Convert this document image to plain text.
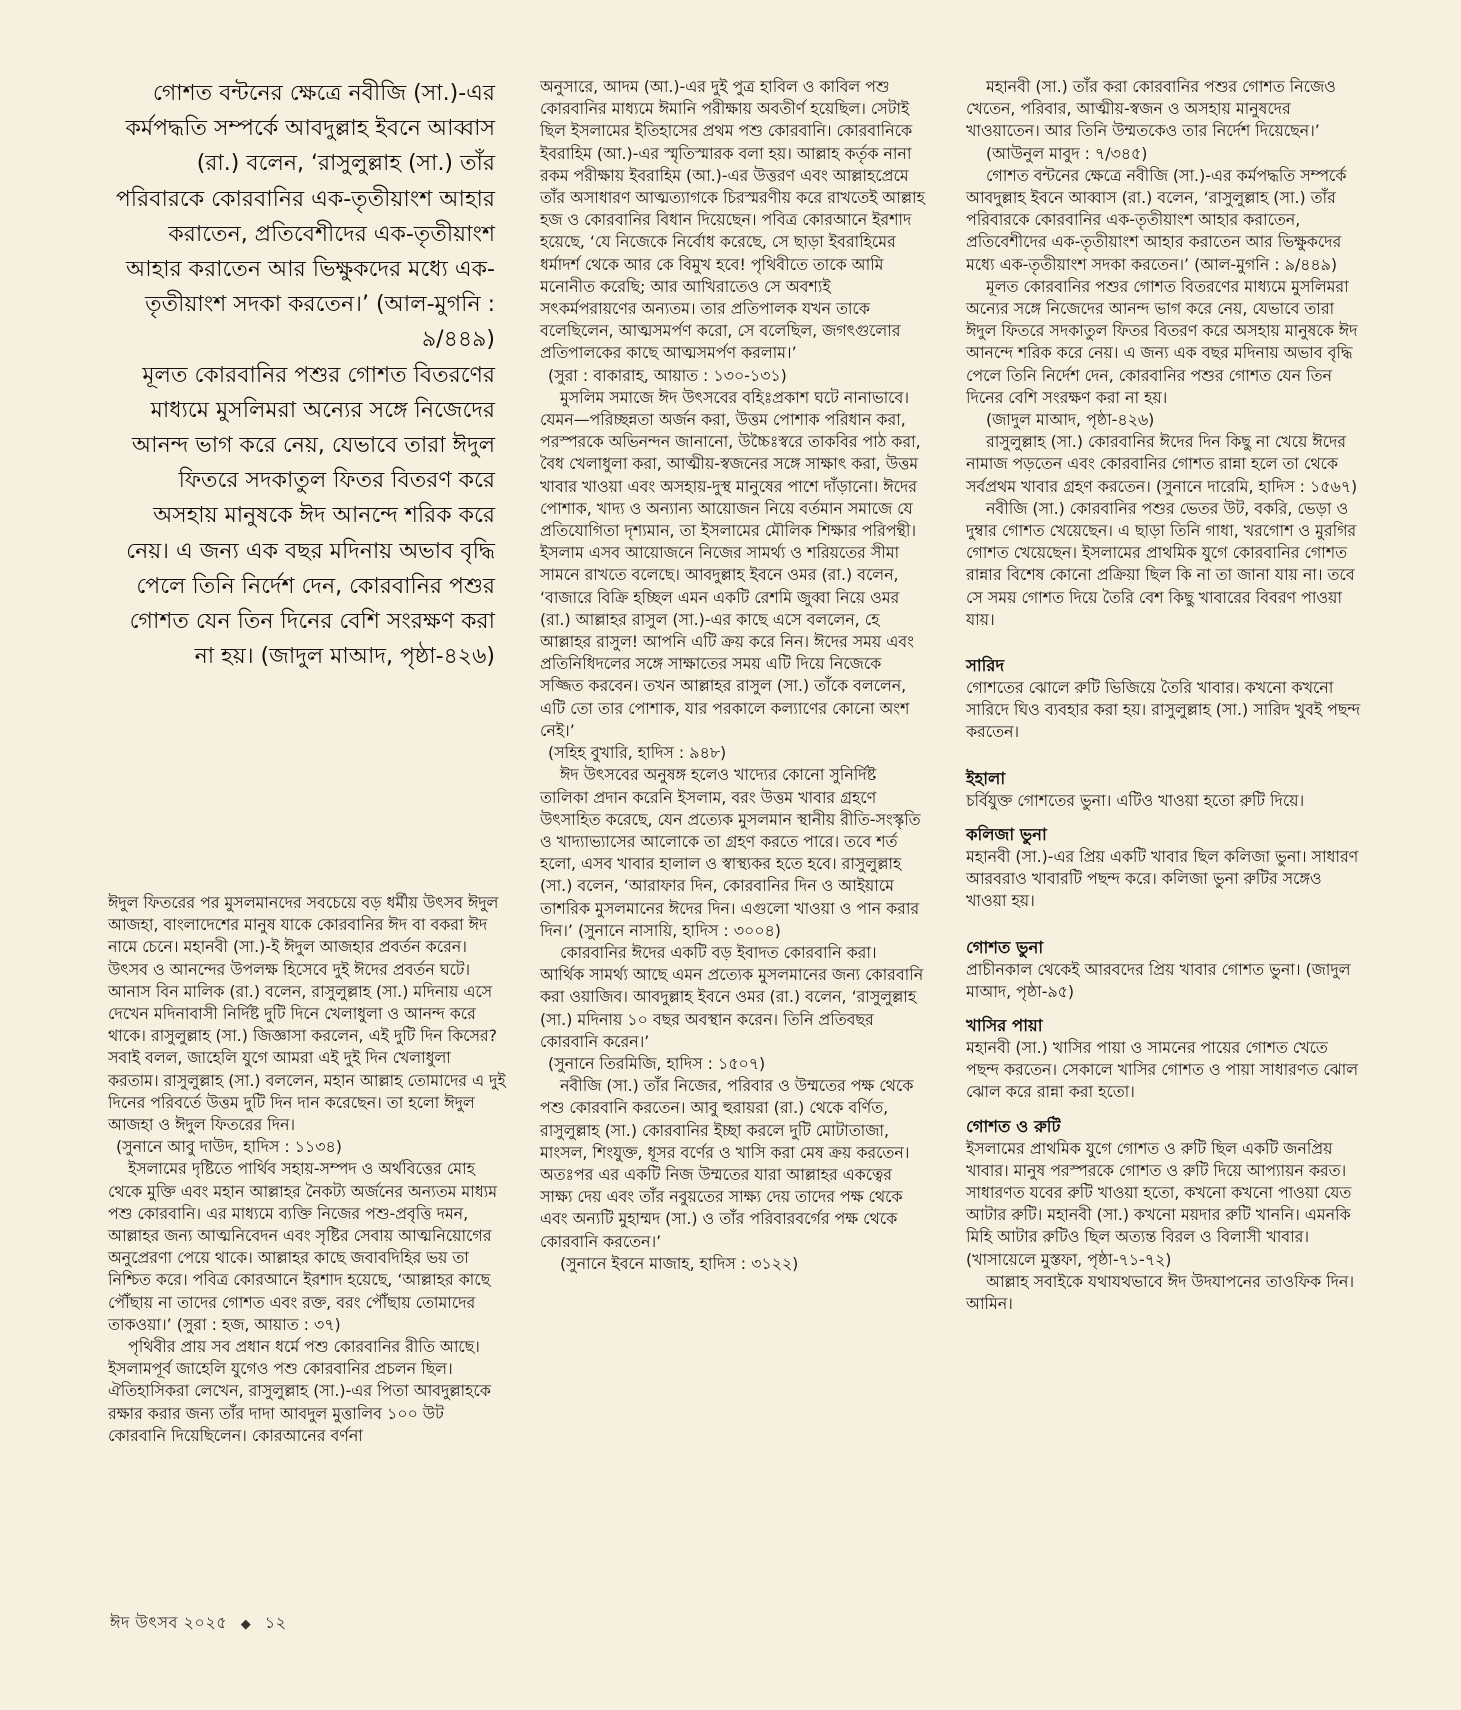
গোশত বন্টনের ক্ষেত্রে নবীজি (সা.)-এর কর্মপদ্ধতি সম্পর্কে আবদুল্লাহ ইবনে আব্বাস (রা.) বলেন, ‘রাসুলুল্লাহ (সা.) তাঁর পরিবারকে কোরবানির এক-তৃতীয়াংশ আহার করাতেন, প্রতিবেশীদের এক-তৃতীয়াংশ আহার করাতেন আর ভিক্ষুকদের মধ্যে এক-তৃতীয়াংশ সদকা করতেন।’ (আল-মুগনি : ৯/৪৪৯)

মূলত কোরবানির পশুর গোশত বিতরণের মাধ্যমে মুসলিমরা অন্যের সঙ্গে নিজেদের আনন্দ ভাগ করে নেয়, যেভাবে তারা ঈদুল ফিতরে সদকাতুল ফিতর বিতরণ করে অসহায় মানুষকে ঈদ আনন্দে শরিক করে নেয়। এ জন্য এক বছর মদিনায় অভাব বৃদ্ধি পেলে তিনি নির্দেশ দেন, কোরবানির পশুর গোশত যেন তিন দিনের বেশি সংরক্ষণ করা না হয়। (জাদুল মাআদ, পৃষ্ঠা-৪২৬)

ঈদুল ফিতরের পর মুসলমানদের সবচেয়ে বড় ধর্মীয় উৎসব ঈদুল আজহা, বাংলাদেশের মানুষ যাকে কোরবানির ঈদ বা বকরা ঈদ নামে চেনে। মহানবী (সা.)-ই ঈদুল আজহার প্রবর্তন করেন। উৎসব ও আনন্দের উপলক্ষ হিসেবে দুই ঈদের প্রবর্তন ঘটে। আনাস বিন মালিক (রা.) বলেন, রাসুলুল্লাহ (সা.) মদিনায় এসে দেখেন মদিনাবাসী নির্দিষ্ট দুটি দিনে খেলাধুলা ও আনন্দ করে থাকে। রাসুলুল্লাহ (সা.) জিজ্ঞাসা করলেন, এই দুটি দিন কিসের? সবাই বলল, জাহেলি যুগে আমরা এই দুই দিন খেলাধুলা করতাম। রাসুলুল্লাহ (সা.) বললেন, মহান আল্লাহ তোমাদের এ দুই দিনের পরিবর্তে উত্তম দুটি দিন দান করেছেন। তা হলো ঈদুল আজহা ও ঈদুল ফিতরের দিন।

(সুনানে আবু দাউদ, হাদিস : ১১৩৪)

ইসলামের দৃষ্টিতে পার্থিব সহায়-সম্পদ ও অর্থবিত্তের মোহ থেকে মুক্তি এবং মহান আল্লাহর নৈকট্য অর্জনের অন্যতম মাধ্যম পশু কোরবানি। এর মাধ্যমে ব্যক্তি নিজের পশু-প্রবৃত্তি দমন, আল্লাহর জন্য আত্মনিবেদন এবং সৃষ্টির সেবায় আত্মনিয়োগের অনুপ্রেরণা পেয়ে থাকে। আল্লাহর কাছে জবাবদিহির ভয় তা নিশ্চিত করে। পবিত্র কোরআনে ইরশাদ হয়েছে, ‘আল্লাহর কাছে পৌঁছায় না তাদের গোশত এবং রক্ত, বরং পৌঁছায় তোমাদের তাকওয়া।’ (সুরা : হজ, আয়াত : ৩৭)

পৃথিবীর প্রায় সব প্রধান ধর্মে পশু কোরবানির রীতি আছে। ইসলামপূর্ব জাহেলি যুগেও পশু কোরবানির প্রচলন ছিল। ঐতিহাসিকরা লেখেন, রাসুলুল্লাহ (সা.)-এর পিতা আবদুল্লাহকে রক্ষার করার জন্য তাঁর দাদা আবদুল মুত্তালিব ১০০ উট কোরবানি দিয়েছিলেন। কোরআনের বর্ণনা

অনুসারে, আদম (আ.)-এর দুই পুত্র হাবিল ও কাবিল পশু কোরবানির মাধ্যমে ঈমানি পরীক্ষায় অবতীর্ণ হয়েছিল। সেটাই ছিল ইসলামের ইতিহাসের প্রথম পশু কোরবানি। কোরবানিকে ইবরাহিম (আ.)-এর স্মৃতিস্মারক বলা হয়। আল্লাহ কর্তৃক নানা রকম পরীক্ষায় ইবরাহিম (আ.)-এর উত্তরণ এবং আল্লাহপ্রেমে তাঁর অসাধারণ আত্মত্যাগকে চিরস্মরণীয় করে রাখতেই আল্লাহ হজ ও কোরবানির বিধান দিয়েছেন। পবিত্র কোরআনে ইরশাদ হয়েছে, ‘যে নিজেকে নির্বোধ করেছে, সে ছাড়া ইবরাহিমের ধর্মাদর্শ থেকে আর কে বিমুখ হবে! পৃথিবীতে তাকে আমি মনোনীত করেছি; আর আখিরাতেও সে অবশ্যই সৎকর্মপরায়ণের অন্যতম। তার প্রতিপালক যখন তাকে বলেছিলেন, আত্মসমর্পণ করো, সে বলেছিল, জগৎগুলোর প্রতিপালকের কাছে আত্মসমর্পণ করলাম।’

(সুরা : বাকারাহ, আয়াত : ১৩০-১৩১)

মুসলিম সমাজে ঈদ উৎসবের বহিঃপ্রকাশ ঘটে নানাভাবে। যেমন—পরিচ্ছন্নতা অর্জন করা, উত্তম পোশাক পরিধান করা, পরস্পরকে অভিনন্দন জানানো, উচ্চৈঃস্বরে তাকবির পাঠ করা, বৈধ খেলাধুলা করা, আত্মীয়-স্বজনের সঙ্গে সাক্ষাৎ করা, উত্তম খাবার খাওয়া এবং অসহায়-দুস্থ মানুষের পাশে দাঁড়ানো। ঈদের পোশাক, খাদ্য ও অন্যান্য আয়োজন নিয়ে বর্তমান সমাজে যে প্রতিযোগিতা দৃশ্যমান, তা ইসলামের মৌলিক শিক্ষার পরিপন্থী। ইসলাম এসব আয়োজনে নিজের সামর্থ্য ও শরিয়তের সীমা সামনে রাখতে বলেছে। আবদুল্লাহ ইবনে ওমর (রা.) বলেন, ‘বাজারে বিক্রি হচ্ছিল এমন একটি রেশমি জুব্বা নিয়ে ওমর (রা.) আল্লাহর রাসুল (সা.)-এর কাছে এসে বললেন, হে আল্লাহর রাসুল! আপনি এটি ক্রয় করে নিন। ঈদের সময় এবং প্রতিনিধিদলের সঙ্গে সাক্ষাতের সময় এটি দিয়ে নিজেকে সজ্জিত করবেন। তখন আল্লাহর রাসুল (সা.) তাঁকে বললেন, এটি তো তার পোশাক, যার পরকালে কল্যাণের কোনো অংশ নেই।’

(সহিহ বুখারি, হাদিস : ৯৪৮)

ঈদ উৎসবের অনুষঙ্গ হলেও খাদ্যের কোনো সুনির্দিষ্ট তালিকা প্রদান করেনি ইসলাম, বরং উত্তম খাবার গ্রহণে উৎসাহিত করেছে, যেন প্রত্যেক মুসলমান স্থানীয় রীতি-সংস্কৃতি ও খাদ্যাভ্যাসের আলোকে তা গ্রহণ করতে পারে। তবে শর্ত হলো, এসব খাবার হালাল ও স্বাস্থ্যকর হতে হবে। রাসুলুল্লাহ (সা.) বলেন, ‘আরাফার দিন, কোরবানির দিন ও আইয়ামে তাশরিক মুসলমানের ঈদের দিন। এগুলো খাওয়া ও পান করার দিন।’ (সুনানে নাসায়ি, হাদিস : ৩০০৪)

কোরবানির ঈদের একটি বড় ইবাদত কোরবানি করা। আর্থিক সামর্থ্য আছে এমন প্রত্যেক মুসলমানের জন্য কোরবানি করা ওয়াজিব। আবদুল্লাহ ইবনে ওমর (রা.) বলেন, ‘রাসুলুল্লাহ (সা.) মদিনায় ১০ বছর অবস্থান করেন। তিনি প্রতিবছর কোরবানি করেন।’

(সুনানে তিরমিজি, হাদিস : ১৫০৭)

নবীজি (সা.) তাঁর নিজের, পরিবার ও উম্মতের পক্ষ থেকে পশু কোরবানি করতেন। আবু হুরায়রা (রা.) থেকে বর্ণিত, রাসুলুল্লাহ (সা.) কোরবানির ইচ্ছা করলে দুটি মোটাতাজা, মাংসল, শিংযুক্ত, ধূসর বর্ণের ও খাসি করা মেষ ক্রয় করতেন। অতঃপর এর একটি নিজ উম্মতের যারা আল্লাহর একত্বের সাক্ষ্য দেয় এবং তাঁর নবুয়তের সাক্ষ্য দেয় তাদের পক্ষ থেকে এবং অন্যটি মুহাম্মদ (সা.) ও তাঁর পরিবারবর্গের পক্ষ থেকে কোরবানি করতেন।’

(সুনানে ইবনে মাজাহ, হাদিস : ৩১২২)

মহানবী (সা.) তাঁর করা কোরবানির পশুর গোশত নিজেও খেতেন, পরিবার, আত্মীয়-স্বজন ও অসহায় মানুষদের খাওয়াতেন। আর তিনি উম্মতকেও তার নির্দেশ দিয়েছেন।’

(আউনুল মাবুদ : ৭/৩৪৫)

গোশত বন্টনের ক্ষেত্রে নবীজি (সা.)-এর কর্মপদ্ধতি সম্পর্কে আবদুল্লাহ ইবনে আব্বাস (রা.) বলেন, ‘রাসুলুল্লাহ (সা.) তাঁর পরিবারকে কোরবানির এক-তৃতীয়াংশ আহার করাতেন, প্রতিবেশীদের এক-তৃতীয়াংশ আহার করাতেন আর ভিক্ষুকদের মধ্যে এক-তৃতীয়াংশ সদকা করতেন।’ (আল-মুগনি : ৯/৪৪৯)

মূলত কোরবানির পশুর গোশত বিতরণের মাধ্যমে মুসলিমরা অন্যের সঙ্গে নিজেদের আনন্দ ভাগ করে নেয়, যেভাবে তারা ঈদুল ফিতরে সদকাতুল ফিতর বিতরণ করে অসহায় মানুষকে ঈদ আনন্দে শরিক করে নেয়। এ জন্য এক বছর মদিনায় অভাব বৃদ্ধি পেলে তিনি নির্দেশ দেন, কোরবানির পশুর গোশত যেন তিন দিনের বেশি সংরক্ষণ করা না হয়।

(জাদুল মাআদ, পৃষ্ঠা-৪২৬)

রাসুলুল্লাহ (সা.) কোরবানির ঈদের দিন কিছু না খেয়ে ঈদের নামাজ পড়তেন এবং কোরবানির গোশত রান্না হলে তা থেকে সর্বপ্রথম খাবার গ্রহণ করতেন। (সুনানে দারেমি, হাদিস : ১৫৬৭)

নবীজি (সা.) কোরবানির পশুর ভেতর উট, বকরি, ভেড়া ও দুম্বার গোশত খেয়েছেন। এ ছাড়া তিনি গাধা, খরগোশ ও মুরগির গোশত খেয়েছেন। ইসলামের প্রাথমিক যুগে কোরবানির গোশত রান্নার বিশেষ কোনো প্রক্রিয়া ছিল কি না তা জানা যায় না। তবে সে সময় গোশত দিয়ে তৈরি বেশ কিছু খাবারের বিবরণ পাওয়া যায়।

সারিদ

গোশতের ঝোলে রুটি ভিজিয়ে তৈরি খাবার। কখনো কখনো সারিদে ঘিও ব্যবহার করা হয়। রাসুলুল্লাহ (সা.) সারিদ খুবই পছন্দ করতেন।

ইহালা

চর্বিযুক্ত গোশতের ভুনা। এটিও খাওয়া হতো রুটি দিয়ে।

কলিজা ভুনা

মহানবী (সা.)-এর প্রিয় একটি খাবার ছিল কলিজা ভুনা। সাধারণ আরবরাও খাবারটি পছন্দ করে। কলিজা ভুনা রুটির সঙ্গেও খাওয়া হয়।

গোশত ভুনা

প্রাচীনকাল থেকেই আরবদের প্রিয় খাবার গোশত ভুনা। (জাদুল মাআদ, পৃষ্ঠা-৯৫)

খাসির পায়া

মহানবী (সা.) খাসির পায়া ও সামনের পায়ের গোশত খেতে পছন্দ করতেন। সেকালে খাসির গোশত ও পায়া সাধারণত ঝোল ঝোল করে রান্না করা হতো।

গোশত ও রুটি

ইসলামের প্রাথমিক যুগে গোশত ও রুটি ছিল একটি জনপ্রিয় খাবার। মানুষ পরস্পরকে গোশত ও রুটি দিয়ে আপ্যায়ন করত। সাধারণত যবের রুটি খাওয়া হতো, কখনো কখনো পাওয়া যেত আটার রুটি। মহানবী (সা.) কখনো ময়দার রুটি খাননি। এমনকি মিহি আটার রুটিও ছিল অত্যন্ত বিরল ও বিলাসী খাবার।

(খাসায়েলে মুস্তফা, পৃষ্ঠা-৭১-৭২)

আল্লাহ সবাইকে যথাযথভাবে ঈদ উদযাপনের তাওফিক দিন। আমিন।

ঈদ উৎসব ২০২৫ ◆ ১২
